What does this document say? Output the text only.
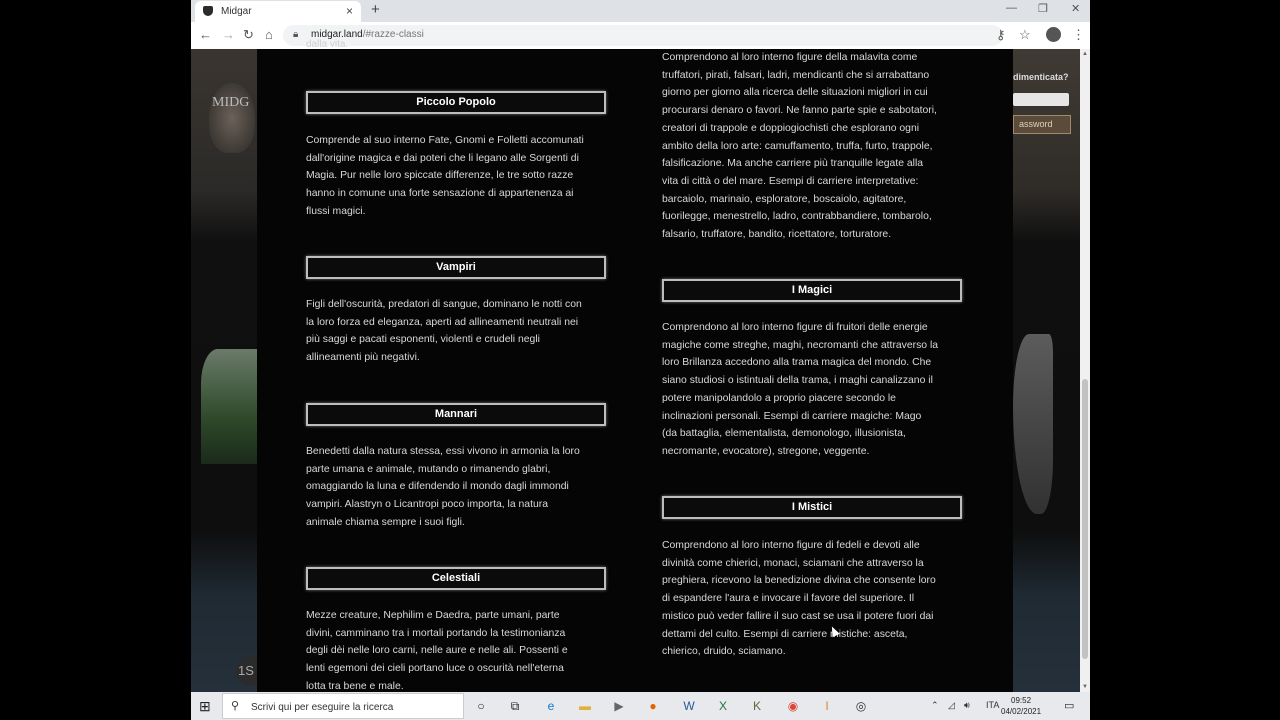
Midgar	× +	— ❐ ✕
← → ↻ ⌂ 🔒︎ midgar.land/#razze-classi	⚷ ☆	⋮
MIDG
1S
dimenticata?
assword
dalla vita.
Piccolo Popolo
Comprende al suo interno Fate, Gnomi e Folletti accomunati
dall'origine magica e dai poteri che li legano alle Sorgenti di
Magia. Pur nelle loro spiccate differenze, le tre sotto razze
hanno in comune una forte sensazione di appartenenza ai
flussi magici.
Vampiri
Figli dell'oscurità, predatori di sangue, dominano le notti con
la loro forza ed eleganza, aperti ad allineamenti neutrali nei
più saggi e pacati esponenti, violenti e crudeli negli
allineamenti più negativi.
Mannari
Benedetti dalla natura stessa, essi vivono in armonia la loro
parte umana e animale, mutando o rimanendo glabri,
omaggiando la luna e difendendo il mondo dagli immondi
vampiri. Alastryn o Licantropi poco importa, la natura
animale chiama sempre i suoi figli.
Celestiali
Mezze creature, Nephilim e Daedra, parte umani, parte
divini, camminano tra i mortali portando la testimonianza
degli dèi nelle loro carni, nelle aure e nelle ali. Possenti e
lenti egemoni dei cieli portano luce o oscurità nell'eterna
lotta tra bene e male.
Comprendono al loro interno figure della malavita come
truffatori, pirati, falsari, ladri, mendicanti che si arrabattano
giorno per giorno alla ricerca delle situazioni migliori in cui
procurarsi denaro o favori. Ne fanno parte spie e sabotatori,
creatori di trappole e doppiogiochisti che esplorano ogni
ambito della loro arte: camuffamento, truffa, furto, trappole,
falsificazione. Ma anche carriere più tranquille legate alla
vita di città o del mare. Esempi di carriere interpretative:
barcaiolo, marinaio, esploratore, boscaiolo, agitatore,
fuorilegge, menestrello, ladro, contrabbandiere, tombarolo,
falsario, truffatore, bandito, ricettatore, torturatore.
I Magici
Comprendono al loro interno figure di fruitori delle energie
magiche come streghe, maghi, necromanti che attraverso la
loro Brillanza accedono alla trama magica del mondo. Che
siano studiosi o istintuali della trama, i maghi canalizzano il
potere manipolandolo a proprio piacere secondo le
inclinazioni personali. Esempi di carriere magiche: Mago
(da battaglia, elementalista, demonologo, illusionista,
necromante, evocatore), stregone, veggente.
I Mistici
Comprendono al loro interno figure di fedeli e devoti alle
divinità come chierici, monaci, sciamani che attraverso la
preghiera, ricevono la benedizione divina che consente loro
di espandere l'aura e invocare il favore del superiore. Il
mistico può veder fallire il suo cast se usa il potere fuori dai
dettami del culto. Esempi di carriere mistiche: asceta,
chierico, druido, sciamano.
▲
▼
⊞ ⚲ Scrivi qui per eseguire la ricerca	○	⧉	e	▬ ▶	●	W	X	K	◉	I	◎	⌃ ◿ 🔊︎ ITA	09:52
04/02/2021 ▭
